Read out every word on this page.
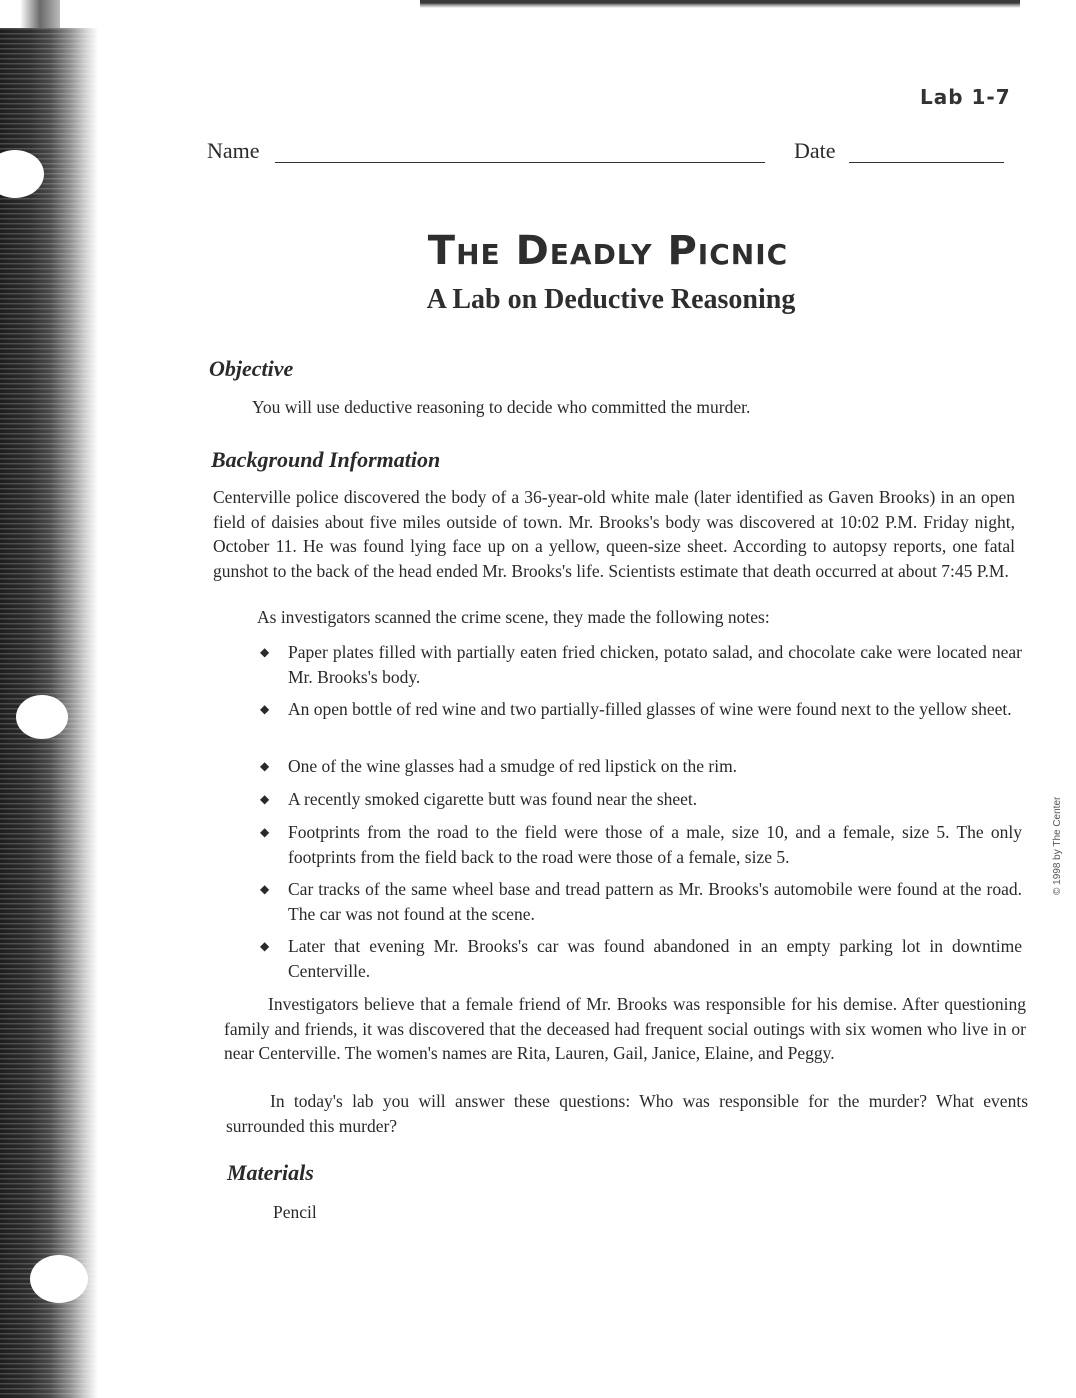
© 1998 by The Center
Lab 1-7
Name	Date
The Deadly Picnic
A Lab on Deductive Reasoning
Objective
You will use deductive reasoning to decide who committed the murder.
Background Information
Centerville police discovered the body of a 36-year-old white male (later identified as Gaven Brooks) in an open field of daisies about five miles outside of town. Mr. Brooks's body was discovered at 10:02 P.M. Friday night, October 11. He was found lying face up on a yellow, queen-size sheet. According to autopsy reports, one fatal gunshot to the back of the head ended Mr. Brooks's life. Scientists estimate that death occurred at about 7:45 P.M.
As investigators scanned the crime scene, they made the following notes:
◆ Paper plates filled with partially eaten fried chicken, potato salad, and chocolate cake were located near Mr. Brooks's body.
◆ An open bottle of red wine and two partially-filled glasses of wine were found next to the yellow sheet.
◆ One of the wine glasses had a smudge of red lipstick on the rim.
◆ A recently smoked cigarette butt was found near the sheet.
◆ Footprints from the road to the field were those of a male, size 10, and a female, size 5. The only footprints from the field back to the road were those of a female, size 5.
◆ Car tracks of the same wheel base and tread pattern as Mr. Brooks's automobile were found at the road. The car was not found at the scene.
◆ Later that evening Mr. Brooks's car was found abandoned in an empty parking lot in downtime Centerville.
Investigators believe that a female friend of Mr. Brooks was responsible for his demise. After questioning family and friends, it was discovered that the deceased had frequent social outings with six women who live in or near Centerville. The women's names are Rita, Lauren, Gail, Janice, Elaine, and Peggy.
In today's lab you will answer these questions: Who was responsible for the murder? What events surrounded this murder?
Materials
Pencil
